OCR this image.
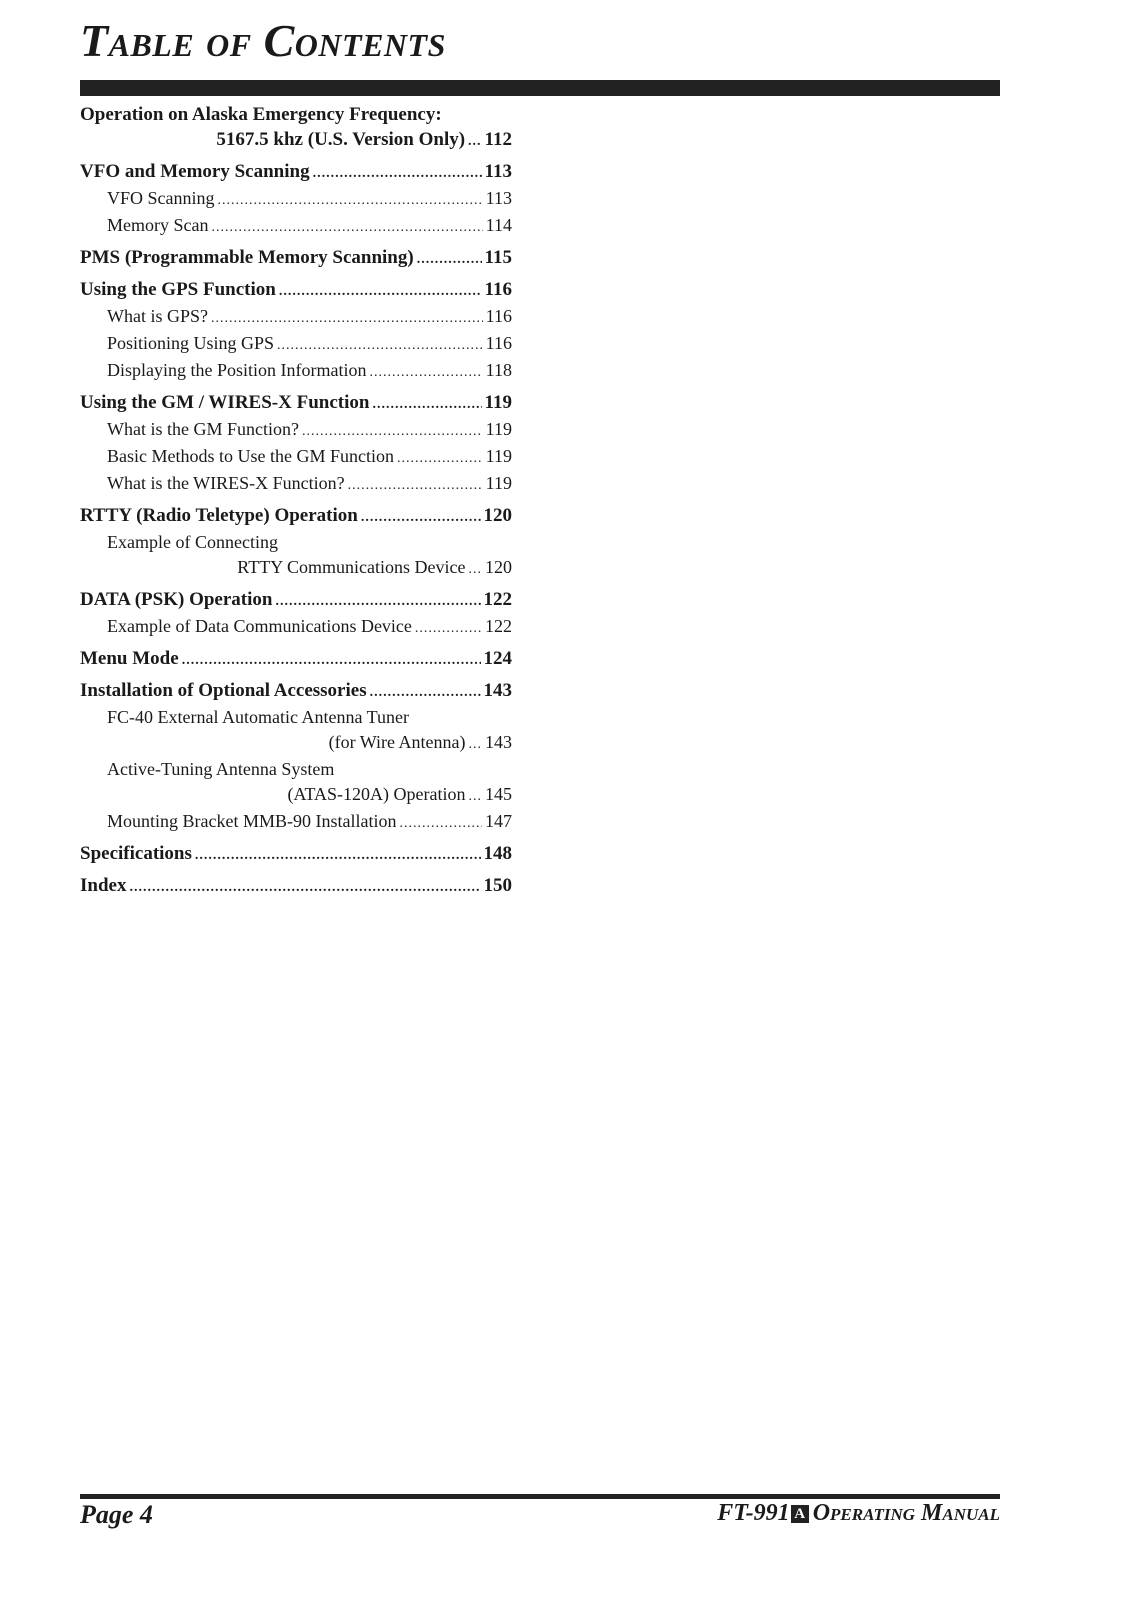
Table of Contents
Operation on Alaska Emergency Frequency:
5167.5 khz (U.S. Version Only) ... 112
VFO and Memory Scanning .....	113
VFO Scanning .....	113
Memory Scan .....	114
PMS (Programmable Memory Scanning) .....	115
Using the GPS Function .....	116
What is GPS? .....	116
Positioning Using GPS .....	116
Displaying the Position Information .....	118
Using the GM / WIRES-X Function .....	119
What is the GM Function? .....	119
Basic Methods to Use the GM Function .....	119
What is the WIRES-X Function? .....	119
RTTY (Radio Teletype) Operation .....	120
Example of Connecting
RTTY Communications Device ... 120
DATA (PSK) Operation .....	122
Example of Data Communications Device .....	122
Menu Mode .....	124
Installation of Optional Accessories .....	143
FC-40 External Automatic Antenna Tuner
(for Wire Antenna) ... 143
Active-Tuning Antenna System
(ATAS-120A) Operation ... 145
Mounting Bracket MMB-90 Installation .....	147
Specifications .....	148
Index .....	150
Page 4	FT-991 A Operating Manual
